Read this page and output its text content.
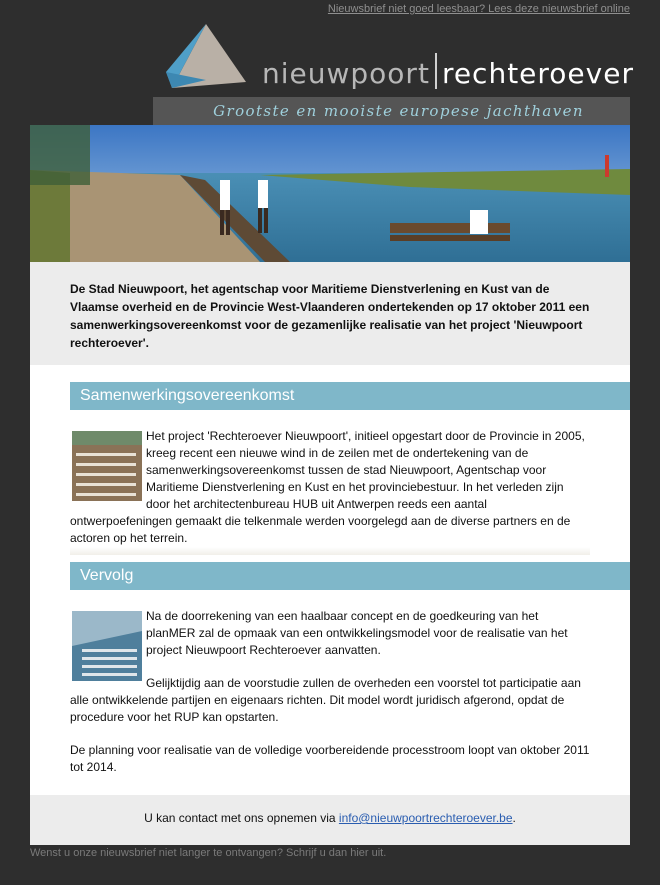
Nieuwsbrief niet goed leesbaar? Lees deze nieuwsbrief online
nieuwpoort rechteroever
Grootste en mooiste europese jachthaven
De Stad Nieuwpoort, het agentschap voor Maritieme Dienstverlening en Kust van de Vlaamse overheid en de Provincie West-Vlaanderen ondertekenden op 17 oktober 2011 een samenwerkingsovereenkomst voor de gezamenlijke realisatie van het project 'Nieuwpoort rechteroever'.
Samenwerkingsovereenkomst

Het project 'Rechteroever Nieuwpoort', initieel opgestart door de Provincie in 2005, kreeg recent een nieuwe wind in de zeilen met de ondertekening van de samenwerkingsovereenkomst tussen de stad Nieuwpoort, Agentschap voor Maritieme Dienstverlening en Kust en het provinciebestuur. In het verleden zijn door het architectenbureau HUB uit Antwerpen reeds een aantal ontwerpoefeningen gemaakt die telkenmale werden voorgelegd aan de diverse partners en de actoren op het terrein.

Vervolg

Na de doorrekening van een haalbaar concept en de goedkeuring van het planMER zal de opmaak van een ontwikkelingsmodel voor de realisatie van het project Nieuwpoort Rechteroever aanvatten.

Gelijktijdig aan de voorstudie zullen de overheden een voorstel tot participatie aan alle ontwikkelende partijen en eigenaars richten. Dit model wordt juridisch afgerond, opdat de procedure voor het RUP kan opstarten.

De planning voor realisatie van de volledige voorbereidende processtroom loopt van oktober 2011 tot 2014.

U kan contact met ons opnemen via info@nieuwpoortrechteroever.be.
Wenst u onze nieuwsbrief niet langer te ontvangen? Schrijf u dan hier uit.
